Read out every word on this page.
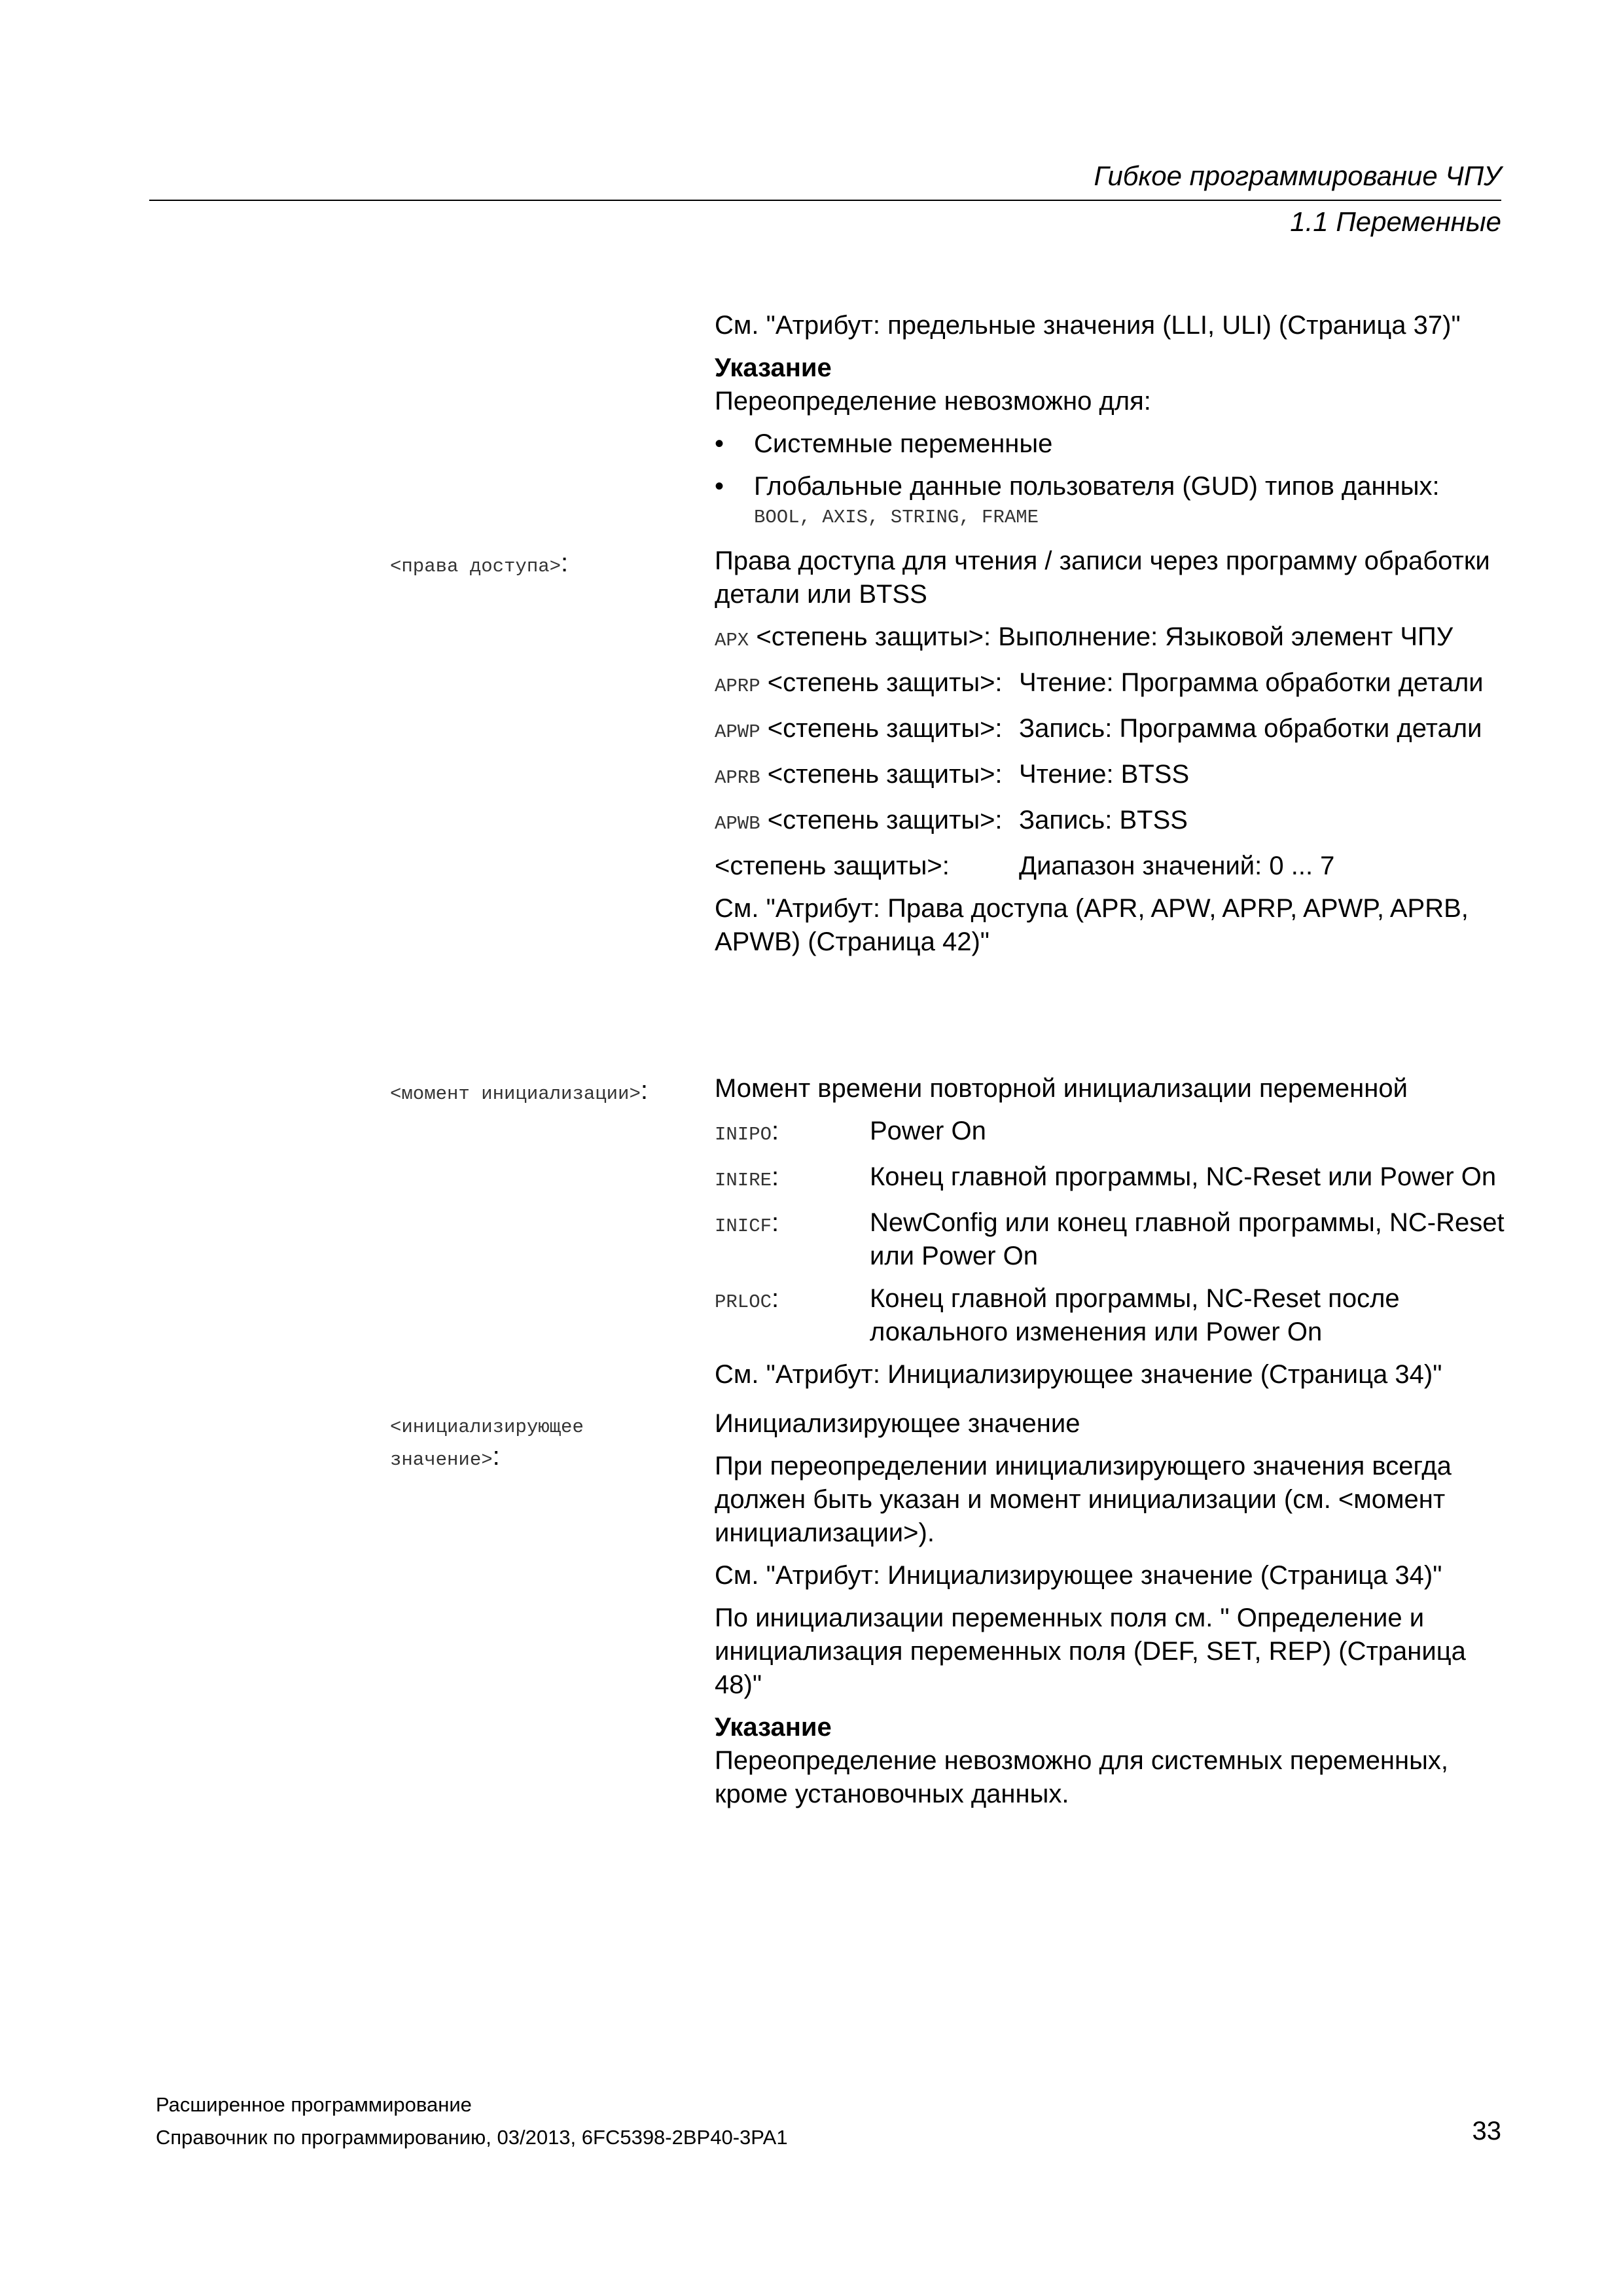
Гибкое программирование ЧПУ
1.1 Переменные

См. "Атрибут: предельные значения (LLI, ULI) (Страница 37)"

Указание

Переопределение невозможно для:

•	Системные переменные
•	Глобальные данные пользователя (GUD) типов данных:
BOOL, AXIS, STRING, FRAME
<права доступа>:	Права доступа для чтения / записи через программу обработки детали или BTSS

APX <степень защиты>: Выполнение: Языковой элемент ЧПУ

APRP <степень защиты>: Чтение: Программа обработки детали
APWP <степень защиты>: Запись: Программа обработки детали
APRB <степень защиты>: Чтение: BTSS
APWB <степень защиты>: Запись: BTSS
<степень защиты>:	Диапазон значений: 0 ... 7

См. "Атрибут: Права доступа (APR, APW, APRP, APWP, APRB, APWB) (Страница 42)"

<момент инициализации>:	Момент времени повторной инициализации переменной

INIPO:	Power On
INIRE:	Конец главной программы, NC-Reset или Power On
INICF:	NewConfig или конец главной программы, NC-Reset или Power On
PRLOC:	Конец главной программы, NC-Reset после локального изменения или Power On

См. "Атрибут: Инициализирующее значение (Страница 34)"

<инициализирующее значение>:

Инициализирующее значение

При переопределении инициализирующего значения всегда должен быть указан и момент инициализации (см. <момент инициализации>).

См. "Атрибут: Инициализирующее значение (Страница 34)"

По инициализации переменных поля см. " Определение и инициализация переменных поля (DEF, SET, REP) (Страница 48)"

Указание

Переопределение невозможно для системных переменных, кроме установочных данных.

Расширенное программирование
Справочник по программированию, 03/2013, 6FC5398-2BP40-3PA1	33
